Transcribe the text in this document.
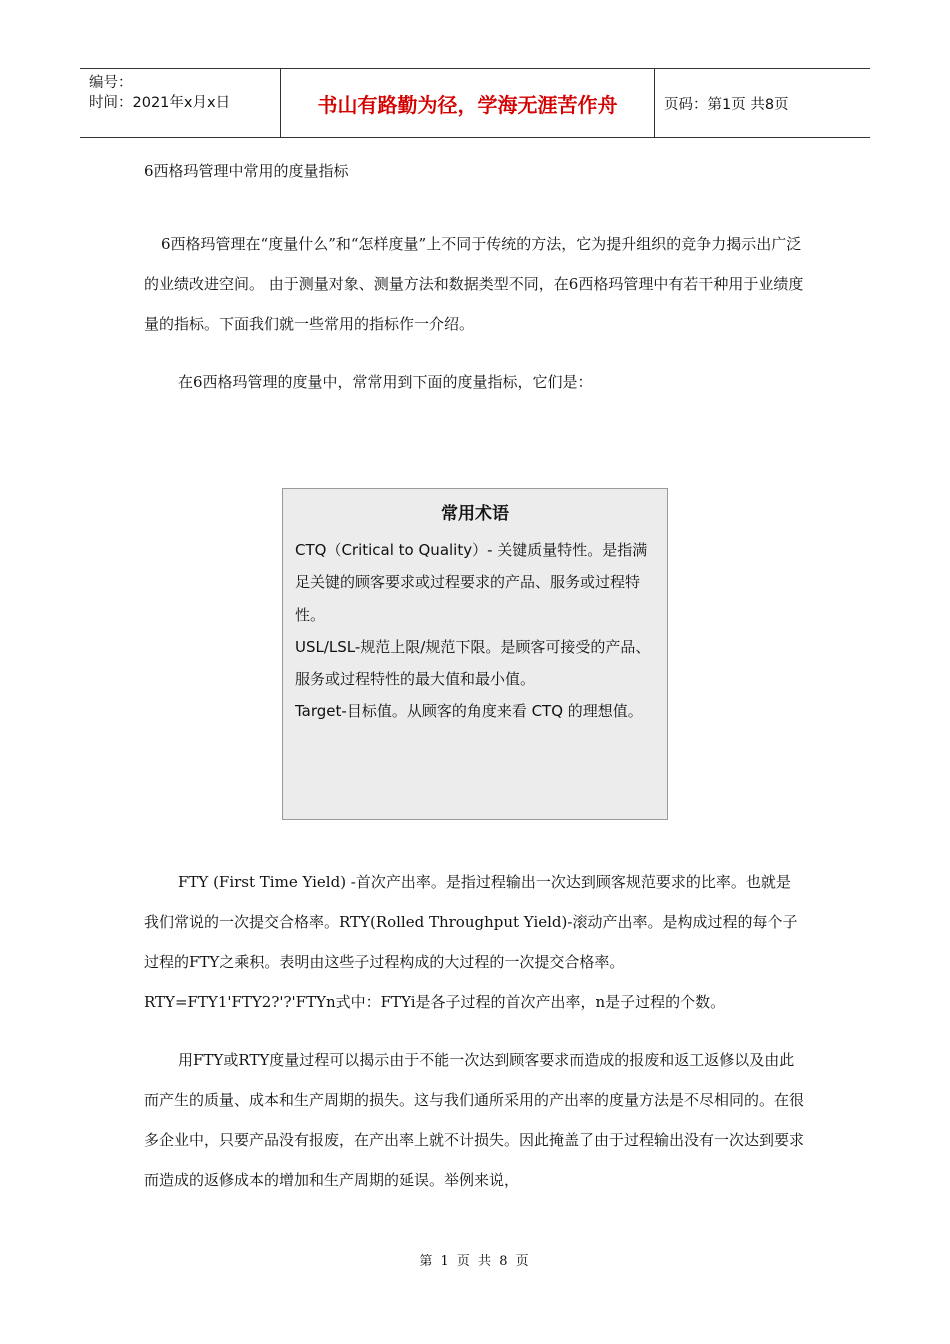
编号：
时间：2021年x月x日	书山有路勤为径，学海无涯苦作舟	页码：第1页 共8页
6西格玛管理中常用的度量指标
6西格玛管理在“度量什么”和“怎样度量”上不同于传统的方法，它为提升组织的竞争力揭示出广泛的业绩改进空间。 由于测量对象、测量方法和数据类型不同，在6西格玛管理中有若干种用于业绩度量的指标。下面我们就一些常用的指标作一介绍。
在6西格玛管理的度量中，常常用到下面的度量指标，它们是：
常用术语

CTQ（Critical to Quality）- 关键质量特性。是指满足关键的顾客要求或过程要求的产品、服务或过程特性。

USL/LSL-规范上限/规范下限。是顾客可接受的产品、服务或过程特性的最大值和最小值。

Target-目标值。从顾客的角度来看 CTQ 的理想值。

FTY (First Time Yield) -首次产出率。是指过程输出一次达到顾客规范要求的比率。也就是我们常说的一次提交合格率。RTY(Rolled Throughput Yield)-滚动产出率。是构成过程的每个子过程的FTY之乘积。表明由这些子过程构成的大过程的一次提交合格率。RTY=FTY1'FTY2?'?'FTYn式中：FTYi是各子过程的首次产出率，n是子过程的个数。
用FTY或RTY度量过程可以揭示由于不能一次达到顾客要求而造成的报废和返工返修以及由此而产生的质量、成本和生产周期的损失。这与我们通所采用的产出率的度量方法是不尽相同的。在很多企业中，只要产品没有报废，在产出率上就不计损失。因此掩盖了由于过程输出没有一次达到要求而造成的返修成本的增加和生产周期的延误。举例来说，
第 1 页 共 8 页
